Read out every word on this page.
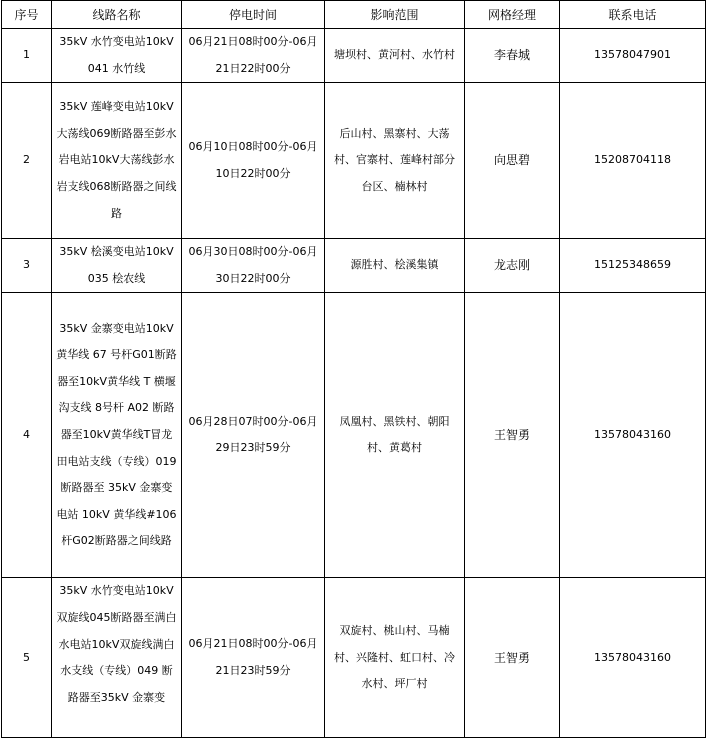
序号	线路名称	停电时间	影响范围	网格经理	联系电话
1	35kV 水竹变电站10kV041 水竹线	06月21日08时00分-06月21日22时00分	塘坝村、黄河村、水竹村	李春城	13578047901
2	35kV 莲峰变电站10kV大荡线069断路器至彭水岩电站10kV大荡线彭水岩支线068断路器之间线路	06月10日08时00分-06月10日22时00分	后山村、黑寨村、大荡村、官寨村、莲峰村部分台区、楠林村	向思碧	15208704118
3	35kV 桧溪变电站10kV035 桧农线	06月30日08时00分-06月30日22时00分	源胜村、桧溪集镇	龙志刚	15125348659
4	35kV 金寨变电站10kV 黄华线 67 号杆G01断路器至10kV黄华线 T 横堰沟支线 8号杆 A02 断路器至10kV黄华线T冒龙田电站支线（专线）019断路器至 35kV 金寨变电站 10kV 黄华线#106杆G02断路器之间线路	06月28日07时00分-06月29日23时59分	凤凰村、黑铁村、朝阳村、黄葛村	王智勇	13578043160
5	35kV 水竹变电站10kV双旋线045断路器至满白水电站10kV双旋线满白水支线（专线）049 断路器至35kV 金寨变	06月21日08时00分-06月21日23时59分	双旋村、桃山村、马楠村、兴隆村、虹口村、冷水村、坪厂村	王智勇	13578043160
